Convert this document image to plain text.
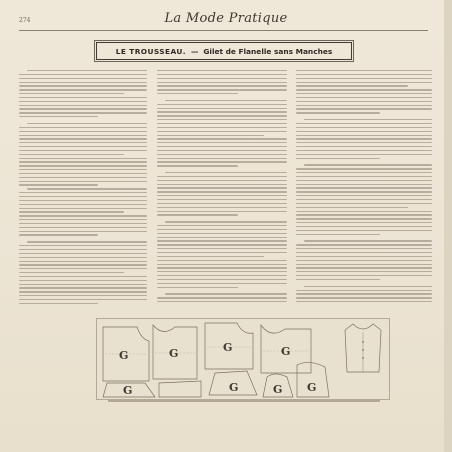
274	La Mode Pratique
LE TROUSSEAU. — Gilet de Flanelle sans Manches
G	G	G	G
G	G	G G
